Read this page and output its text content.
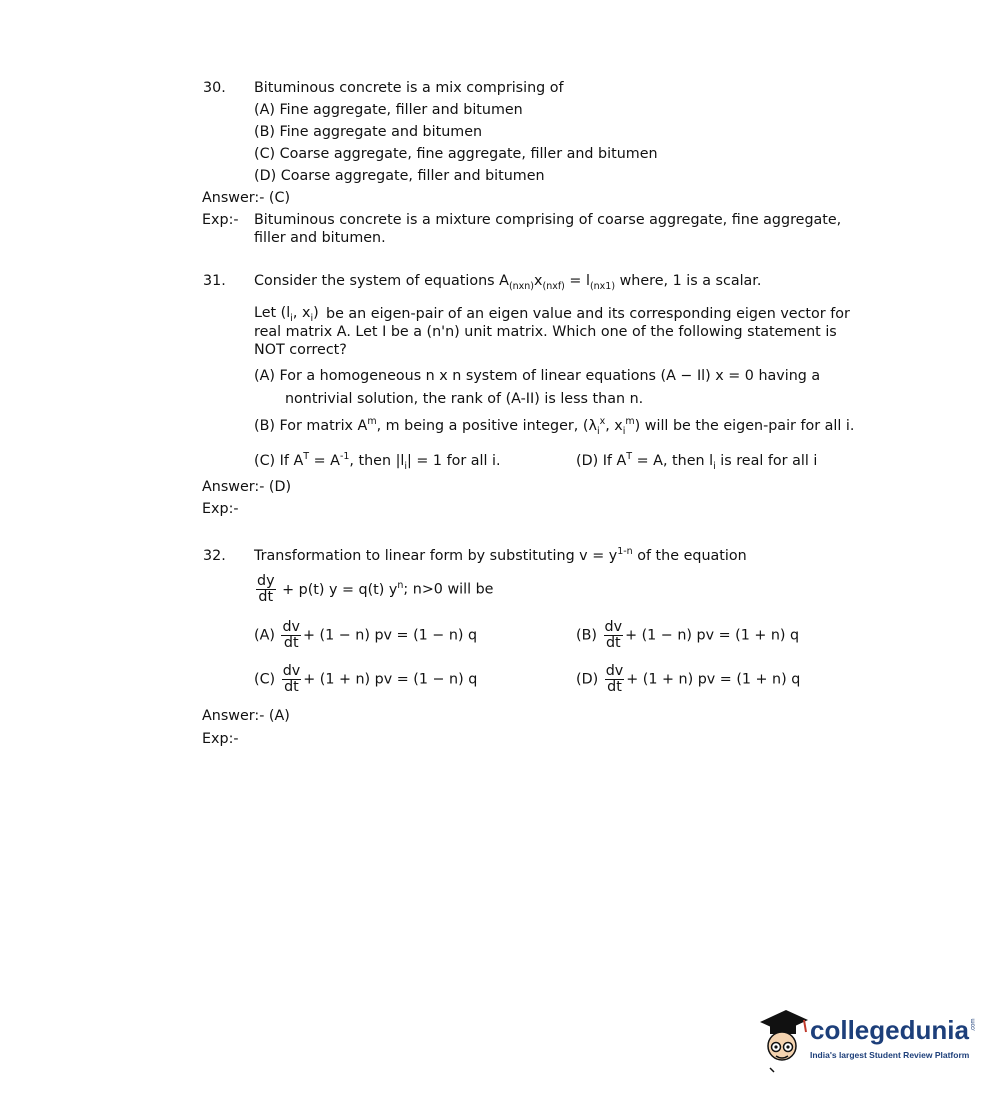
30. Bituminous concrete is a mix comprising of
(A) Fine aggregate, filler and bitumen
(B) Fine aggregate and bitumen
(C) Coarse aggregate, fine aggregate, filler and bitumen
(D) Coarse aggregate, filler and bitumen
Answer:- (C)
Exp:- Bituminous concrete is a mixture comprising of coarse aggregate, fine aggregate, filler and bitumen.
31. Consider the system of equations $A_{(nxn)}x_{(nxf)} = l_{(nx1)}$ where, 1 is a scalar.
Let ($l_i$, $x_i$) be an eigen-pair of an eigen value and its corresponding eigen vector for real matrix A. Let I be a (n'n) unit matrix. Which one of the following statement is NOT correct?
(A) For a homogeneous n x n system of linear equations (A − Il) x = 0 having a
nontrivial solution, the rank of (A-II) is less than n.
(B) For matrix $A^m$, m being a positive integer, ($\lambda_i^x$, $x_i^m$) will be the eigen-pair for all i.
(C) If $A^T = A^{-1}$, then $|l_i| = 1$ for all i.	(D) If $A^T = A$, then $l_i$ is real for all i
Answer:- (D)
Exp:-
32. Transformation to linear form by substituting $v = y^{1-n}$ of the equation
$\frac{dy}{dt} + p(t) y = q(t)$ $y^n$; n>0 will be
$(A) \frac{dv}{dt} + (1 - n)$ pv = (1 − n) q	$(B) \frac{dv}{dt} + (1 - n)$ pv = (1 + n) q
$(C) \frac{dv}{dt} + (1 + n)$ pv = (1 − n) q	$(D) \frac{dv}{dt} + (1 + n)$ pv = (1 + n) q
Answer:- (A)
Exp:-
collegedunia .com
India's largest Student Review Platform
